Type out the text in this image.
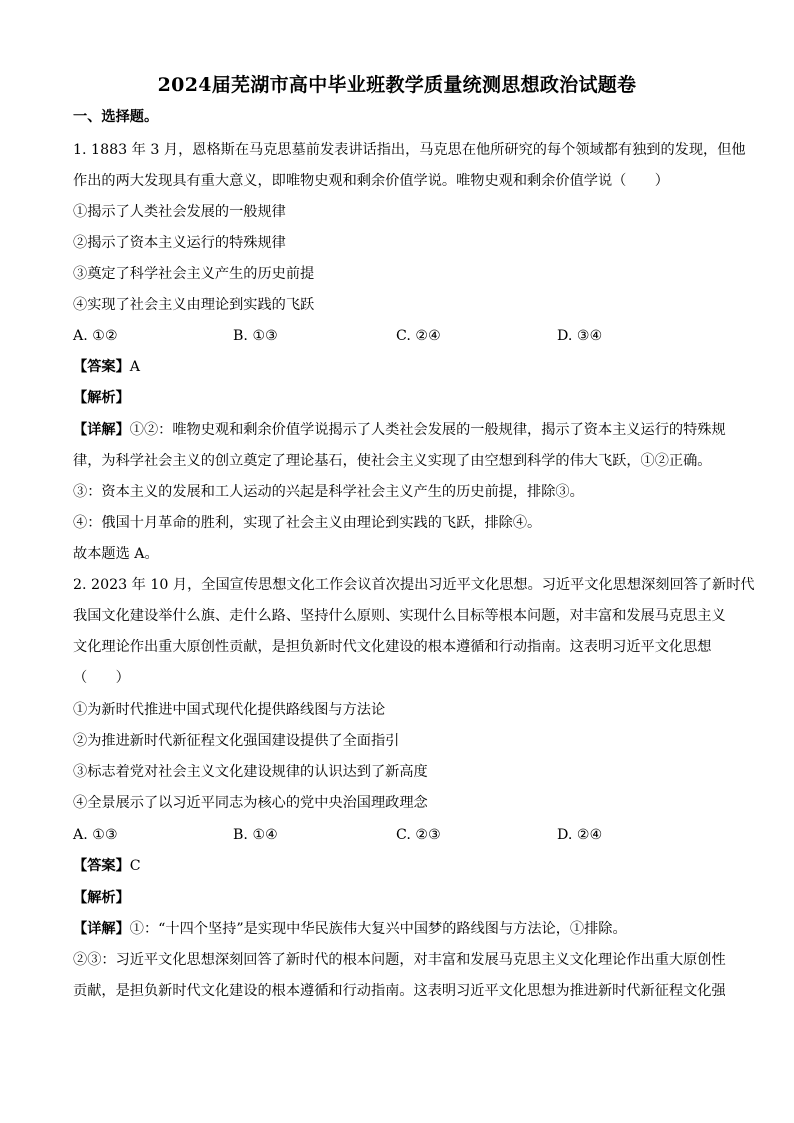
2024届芜湖市高中毕业班教学质量统测思想政治试题卷
一、选择题。
1. 1883 年 3 月，恩格斯在马克思墓前发表讲话指出，马克思在他所研究的每个领域都有独到的发现，但他
作出的两大发现具有重大意义，即唯物史观和剩余价值学说。唯物史观和剩余价值学说（　　）
①揭示了人类社会发展的一般规律
②揭示了资本主义运行的特殊规律
③奠定了科学社会主义产生的历史前提
④实现了社会主义由理论到实践的飞跃
A. ①②	B. ①③	C. ②④	D. ③④
【答案】A
【解析】
【详解】①②：唯物史观和剩余价值学说揭示了人类社会发展的一般规律，揭示了资本主义运行的特殊规
律，为科学社会主义的创立奠定了理论基石，使社会主义实现了由空想到科学的伟大飞跃，①②正确。
③：资本主义的发展和工人运动的兴起是科学社会主义产生的历史前提，排除③。
④：俄国十月革命的胜利，实现了社会主义由理论到实践的飞跃，排除④。
故本题选 A。
2. 2023 年 10 月，全国宣传思想文化工作会议首次提出习近平文化思想。习近平文化思想深刻回答了新时代
我国文化建设举什么旗、走什么路、坚持什么原则、实现什么目标等根本问题，对丰富和发展马克思主义
文化理论作出重大原创性贡献，是担负新时代文化建设的根本遵循和行动指南。这表明习近平文化思想
（　　）
①为新时代推进中国式现代化提供路线图与方法论
②为推进新时代新征程文化强国建设提供了全面指引
③标志着党对社会主义文化建设规律的认识达到了新高度
④全景展示了以习近平同志为核心的党中央治国理政理念
A. ①③	B. ①④	C. ②③	D. ②④
【答案】C
【解析】
【详解】①：“十四个坚持”是实现中华民族伟大复兴中国梦的路线图与方法论，①排除。
②③：习近平文化思想深刻回答了新时代的根本问题，对丰富和发展马克思主义文化理论作出重大原创性
贡献，是担负新时代文化建设的根本遵循和行动指南。这表明习近平文化思想为推进新时代新征程文化强
